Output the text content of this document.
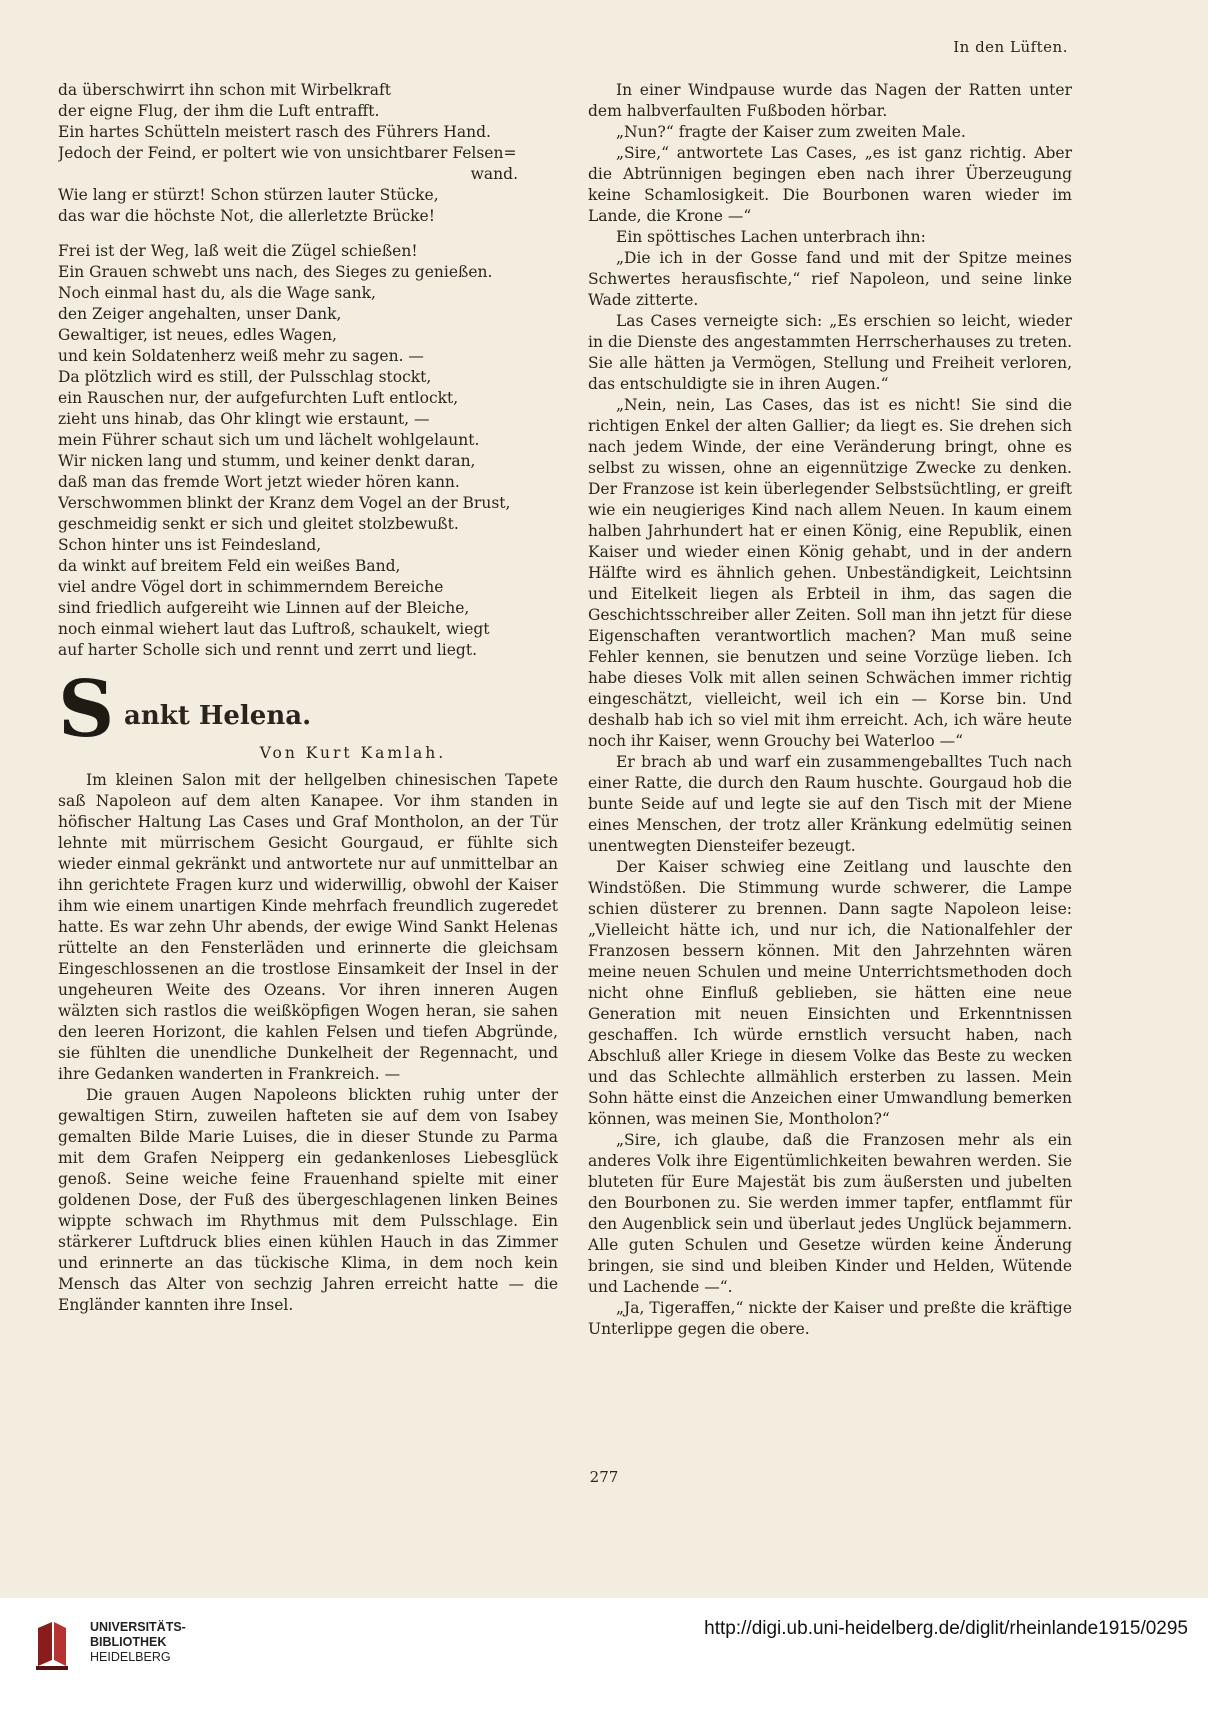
In den Lüften.
da überschwirrt ihn schon mit Wirbelkraft
der eigne Flug, der ihm die Luft entrafft.
Ein hartes Schütteln meistert rasch des Führers Hand.
Jedoch der Feind, er poltert wie von unsichtbarer Felsen=
wand.
Wie lang er stürzt! Schon stürzen lauter Stücke,
das war die höchste Not, die allerletzte Brücke!
Frei ist der Weg, laß weit die Zügel schießen!
Ein Grauen schwebt uns nach, des Sieges zu genießen.
Noch einmal hast du, als die Wage sank,
den Zeiger angehalten, unser Dank,
Gewaltiger, ist neues, edles Wagen,
und kein Soldatenherz weiß mehr zu sagen. —
Da plötzlich wird es still, der Pulsschlag stockt,
ein Rauschen nur, der aufgefurchten Luft entlockt,
zieht uns hinab, das Ohr klingt wie erstaunt, —
mein Führer schaut sich um und lächelt wohlgelaunt.
Wir nicken lang und stumm, und keiner denkt daran,
daß man das fremde Wort jetzt wieder hören kann.
Verschwommen blinkt der Kranz dem Vogel an der Brust,
geschmeidig senkt er sich und gleitet stolzbewußt.
Schon hinter uns ist Feindesland,
da winkt auf breitem Feld ein weißes Band,
viel andre Vögel dort in schimmerndem Bereiche
sind friedlich aufgereiht wie Linnen auf der Bleiche,
noch einmal wiehert laut das Luftroß, schaukelt, wiegt
auf harter Scholle sich und rennt und zerrt und liegt.
S ankt Helena.
Von Kurt Kamlah.

Im kleinen Salon mit der hellgelben chinesischen Tapete saß Napoleon auf dem alten Kanapee. Vor ihm standen in höfischer Haltung Las Cases und Graf Montholon, an der Tür lehnte mit mürrischem Gesicht Gourgaud, er fühlte sich wieder einmal gekränkt und antwortete nur auf unmittelbar an ihn gerichtete Fragen kurz und widerwillig, obwohl der Kaiser ihm wie einem unartigen Kinde mehrfach freundlich zugeredet hatte. Es war zehn Uhr abends, der ewige Wind Sankt Helenas rüttelte an den Fensterläden und erinnerte die gleichsam Eingeschlossenen an die trostlose Einsamkeit der Insel in der ungeheuren Weite des Ozeans. Vor ihren inneren Augen wälzten sich rastlos die weißköpfigen Wogen heran, sie sahen den leeren Horizont, die kahlen Felsen und tiefen Abgründe, sie fühlten die unendliche Dunkelheit der Regennacht, und ihre Gedanken wanderten in Frankreich. —

Die grauen Augen Napoleons blickten ruhig unter der gewaltigen Stirn, zuweilen hafteten sie auf dem von Isabey gemalten Bilde Marie Luises, die in dieser Stunde zu Parma mit dem Grafen Neipperg ein gedankenloses Liebesglück genoß. Seine weiche feine Frauenhand spielte mit einer goldenen Dose, der Fuß des übergeschlagenen linken Beines wippte schwach im Rhythmus mit dem Pulsschlage. Ein stärkerer Luftdruck blies einen kühlen Hauch in das Zimmer und erinnerte an das tückische Klima, in dem noch kein Mensch das Alter von sechzig Jahren erreicht hatte — die Engländer kannten ihre Insel.

In einer Windpause wurde das Nagen der Ratten unter dem halbverfaulten Fußboden hörbar.

„Nun?“ fragte der Kaiser zum zweiten Male.

„Sire,“ antwortete Las Cases, „es ist ganz richtig. Aber die Abtrünnigen begingen eben nach ihrer Überzeugung keine Schamlosigkeit. Die Bourbonen waren wieder im Lande, die Krone —“

Ein spöttisches Lachen unterbrach ihn:

„Die ich in der Gosse fand und mit der Spitze meines Schwertes herausfischte,“ rief Napoleon, und seine linke Wade zitterte.

Las Cases verneigte sich: „Es erschien so leicht, wieder in die Dienste des angestammten Herrscherhauses zu treten. Sie alle hätten ja Vermögen, Stellung und Freiheit verloren, das entschuldigte sie in ihren Augen.“

„Nein, nein, Las Cases, das ist es nicht! Sie sind die richtigen Enkel der alten Gallier; da liegt es. Sie drehen sich nach jedem Winde, der eine Veränderung bringt, ohne es selbst zu wissen, ohne an eigennützige Zwecke zu denken. Der Franzose ist kein überlegender Selbstsüchtling, er greift wie ein neugieriges Kind nach allem Neuen. In kaum einem halben Jahrhundert hat er einen König, eine Republik, einen Kaiser und wieder einen König gehabt, und in der andern Hälfte wird es ähnlich gehen. Unbeständigkeit, Leichtsinn und Eitelkeit liegen als Erbteil in ihm, das sagen die Geschichtsschreiber aller Zeiten. Soll man ihn jetzt für diese Eigenschaften verantwortlich machen? Man muß seine Fehler kennen, sie benutzen und seine Vorzüge lieben. Ich habe dieses Volk mit allen seinen Schwächen immer richtig eingeschätzt, vielleicht, weil ich ein — Korse bin. Und deshalb hab ich so viel mit ihm erreicht. Ach, ich wäre heute noch ihr Kaiser, wenn Grouchy bei Waterloo —“

Er brach ab und warf ein zusammengeballtes Tuch nach einer Ratte, die durch den Raum huschte. Gourgaud hob die bunte Seide auf und legte sie auf den Tisch mit der Miene eines Menschen, der trotz aller Kränkung edelmütig seinen unentwegten Diensteifer bezeugt.

Der Kaiser schwieg eine Zeitlang und lauschte den Windstößen. Die Stimmung wurde schwerer, die Lampe schien düsterer zu brennen. Dann sagte Napoleon leise: „Vielleicht hätte ich, und nur ich, die Nationalfehler der Franzosen bessern können. Mit den Jahrzehnten wären meine neuen Schulen und meine Unterrichtsmethoden doch nicht ohne Einfluß geblieben, sie hätten eine neue Generation mit neuen Einsichten und Erkenntnissen geschaffen. Ich würde ernstlich versucht haben, nach Abschluß aller Kriege in diesem Volke das Beste zu wecken und das Schlechte allmählich ersterben zu lassen. Mein Sohn hätte einst die Anzeichen einer Umwandlung bemerken können, was meinen Sie, Montholon?“

„Sire, ich glaube, daß die Franzosen mehr als ein anderes Volk ihre Eigentümlichkeiten bewahren werden. Sie bluteten für Eure Majestät bis zum äußersten und jubelten den Bourbonen zu. Sie werden immer tapfer, entflammt für den Augenblick sein und überlaut jedes Unglück bejammern. Alle guten Schulen und Gesetze würden keine Änderung bringen, sie sind und bleiben Kinder und Helden, Wütende und Lachende —“.

„Ja, Tigeraffen,“ nickte der Kaiser und preßte die kräftige Unterlippe gegen die obere.

277
UNIVERSITÄTS-
BIBLIOTHEK
HEIDELBERG
http://digi.ub.uni-heidelberg.de/diglit/rheinlande1915/0295
